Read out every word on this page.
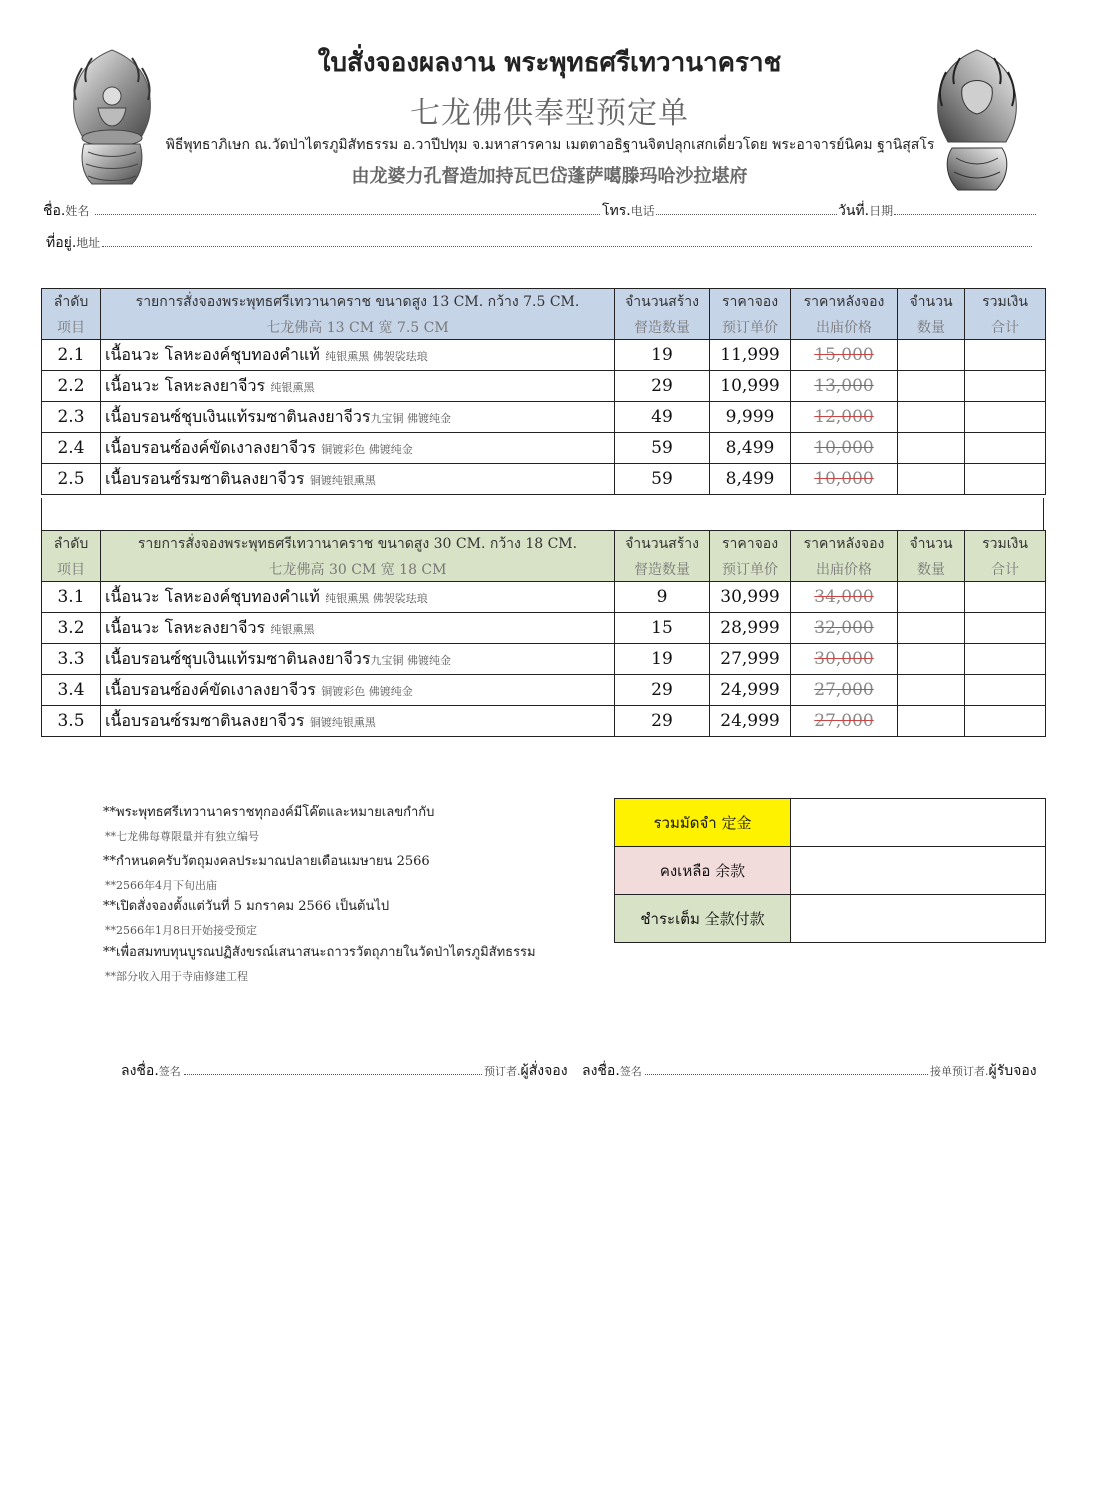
ใบสั่งจองผลงาน พระพุทธศรีเทวานาคราช
七龙佛供奉型预定单
พิธีพุทธาภิเษก ณ.วัดป่าไตรภูมิสัทธรรม อ.วาปีปทุม จ.มหาสารคาม เมตตาอธิฐานจิตปลุกเสกเดี่ยวโดย พระอาจารย์นิคม ฐานิสุสโร
由龙婆力孔督造加持瓦巴岱蓬萨噶滕玛哈沙拉堪府
ชื่อ.姓名	โทร.电话	วันที่.日期
ที่อยู่.地址
ลำดับ	รายการสั่งจองพระพุทธศรีเทวานาคราช ขนาดสูง 13 CM. กว้าง 7.5 CM.	จำนวนสร้าง	ราคาจอง	ราคาหลังจอง	จำนวน	รวมเงิน
项目	七龙佛高 13 CM 宽 7.5 CM	督造数量	预订单价	出庙价格	数量	合计
2.1	เนื้อนวะ โลหะองค์ชุบทองคำแท้ 纯银熏黑 佛袈裟珐琅	19	11,999	15,000		
2.2	เนื้อนวะ โลหะลงยาจีวร 纯银熏黑	29	10,999	13,000		
2.3	เนื้อบรอนซ์ชุบเงินแท้รมซาตินลงยาจีวร九宝铜 佛镀纯金	49	9,999	12,000		
2.4	เนื้อบรอนซ์องค์ขัดเงาลงยาจีวร 铜镀彩色 佛镀纯金	59	8,499	10,000		
2.5	เนื้อบรอนซ์รมซาตินลงยาจีวร 铜镀纯银熏黑	59	8,499	10,000		
ลำดับ	รายการสั่งจองพระพุทธศรีเทวานาคราช ขนาดสูง 30 CM. กว้าง 18 CM.	จำนวนสร้าง	ราคาจอง	ราคาหลังจอง	จำนวน	รวมเงิน
项目	七龙佛高 30 CM 宽 18 CM	督造数量	预订单价	出庙价格	数量	合计
3.1	เนื้อนวะ โลหะองค์ชุบทองคำแท้ 纯银熏黑 佛袈裟珐琅	9	30,999	34,000		
3.2	เนื้อนวะ โลหะลงยาจีวร 纯银熏黑	15	28,999	32,000		
3.3	เนื้อบรอนซ์ชุบเงินแท้รมซาตินลงยาจีวร九宝铜 佛镀纯金	19	27,999	30,000		
3.4	เนื้อบรอนซ์องค์ขัดเงาลงยาจีวร 铜镀彩色 佛镀纯金	29	24,999	27,000		
3.5	เนื้อบรอนซ์รมซาตินลงยาจีวร 铜镀纯银熏黑	29	24,999	27,000		
**พระพุทธศรีเทวานาคราชทุกองค์มีโค๊ตและหมายเลขกำกับ
**七龙佛每尊限量并有独立编号
**กำหนดครับวัตถุมงคลประมาณปลายเดือนเมษายน 2566
**2566年4月下旬出庙
**เปิดสั่งจองตั้งแต่วันที่ 5 มกราคม 2566 เป็นต้นไป
**2566年1月8日开始接受预定
**เพื่อสมทบทุนบูรณปฏิสังขรณ์เสนาสนะถาวรวัตถุภายในวัดป่าไตรภูมิสัทธรรม
**部分收入用于寺庙修建工程
รวมมัดจำ 定金	
คงเหลือ 余款	
ชำระเต็ม 全款付款	
ลงชื่อ.签名	预订者.ผู้สั่งจอง ลงชื่อ.签名	接单预订者.ผู้รับจอง
